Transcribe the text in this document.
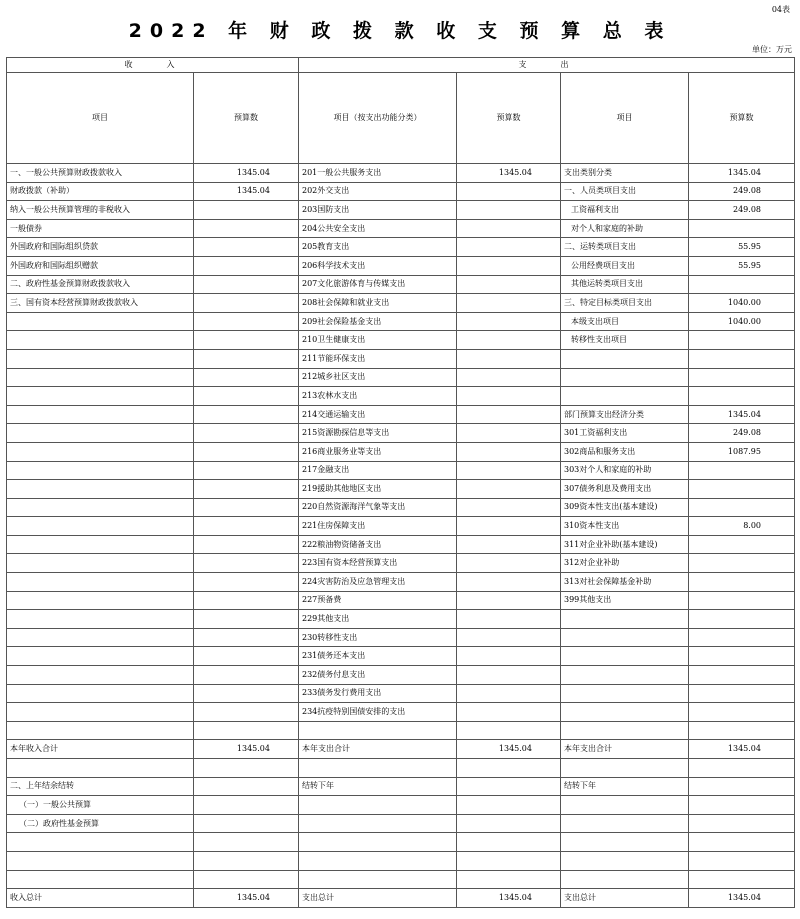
04表
2022 年 财 政 拨 款 收 支 预 算 总 表
单位：万元
收　　入		支　　出			
项目	预算数	项目（按支出功能分类）	预算数	项目	预算数
一、一般公共预算财政拨款收入	1345.04	201一般公共服务支出	1345.04	支出类别分类	1345.04
财政拨款（补助）	1345.04	202外交支出		一、人员类项目支出	249.08
纳入一般公共预算管理的非税收入		203国防支出		工资福利支出	249.08
一般债券		204公共安全支出		对个人和家庭的补助	
外国政府和国际组织贷款		205教育支出		二、运转类项目支出	55.95
外国政府和国际组织赠款		206科学技术支出		公用经费项目支出	55.95
二、政府性基金预算财政拨款收入		207文化旅游体育与传媒支出		其他运转类项目支出	
三、国有资本经营预算财政拨款收入		208社会保障和就业支出		三、特定目标类项目支出	1040.00
		209社会保险基金支出		本级支出项目	1040.00
		210卫生健康支出		转移性支出项目	
		211节能环保支出			
		212城乡社区支出			
		213农林水支出			
		214交通运输支出		部门预算支出经济分类	1345.04
		215资源勘探信息等支出		301工资福利支出	249.08
		216商业服务业等支出		302商品和服务支出	1087.95
		217金融支出		303对个人和家庭的补助	
		219援助其他地区支出		307债务利息及费用支出	
		220自然资源海洋气象等支出		309资本性支出(基本建设)	
		221住房保障支出		310资本性支出	8.00
		222粮油物资储备支出		311对企业补助(基本建设)	
		223国有资本经营预算支出		312对企业补助	
		224灾害防治及应急管理支出		313对社会保障基金补助	
		227预备费		399其他支出	
		229其他支出			
		230转移性支出			
		231债务还本支出			
		232债务付息支出			
		233债务发行费用支出			
		234抗疫特别国债安排的支出			

本年收入合计	1345.04	本年支出合计	1345.04	本年支出合计	1345.04

二、上年结余结转		结转下年		结转下年	
（一）一般公共预算					
（二）政府性基金预算					

收入总计	1345.04	支出总计	1345.04	支出总计	1345.04
